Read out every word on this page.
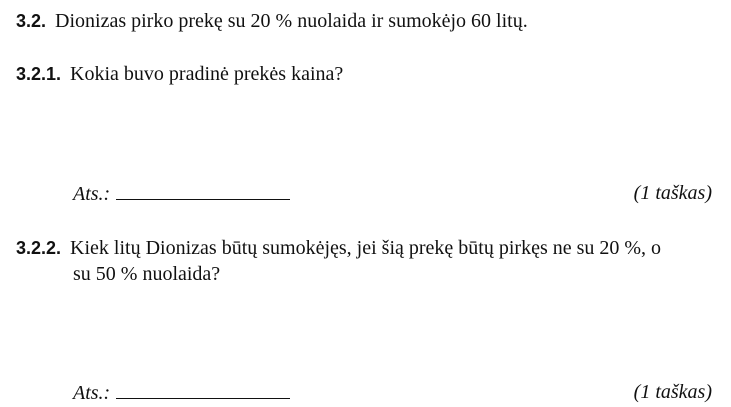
3.2. Dionizas pirko prekę su 20 % nuolaida ir sumokėjo 60 litų.
3.2.1. Kokia buvo pradinė prekės kaina?
Ats.:	(1 taškas)
3.2.2. Kiek litų Dionizas būtų sumokėjęs, jei šią prekę būtų pirkęs ne su 20 %, o
su 50 % nuolaida?
Ats.:	(1 taškas)
